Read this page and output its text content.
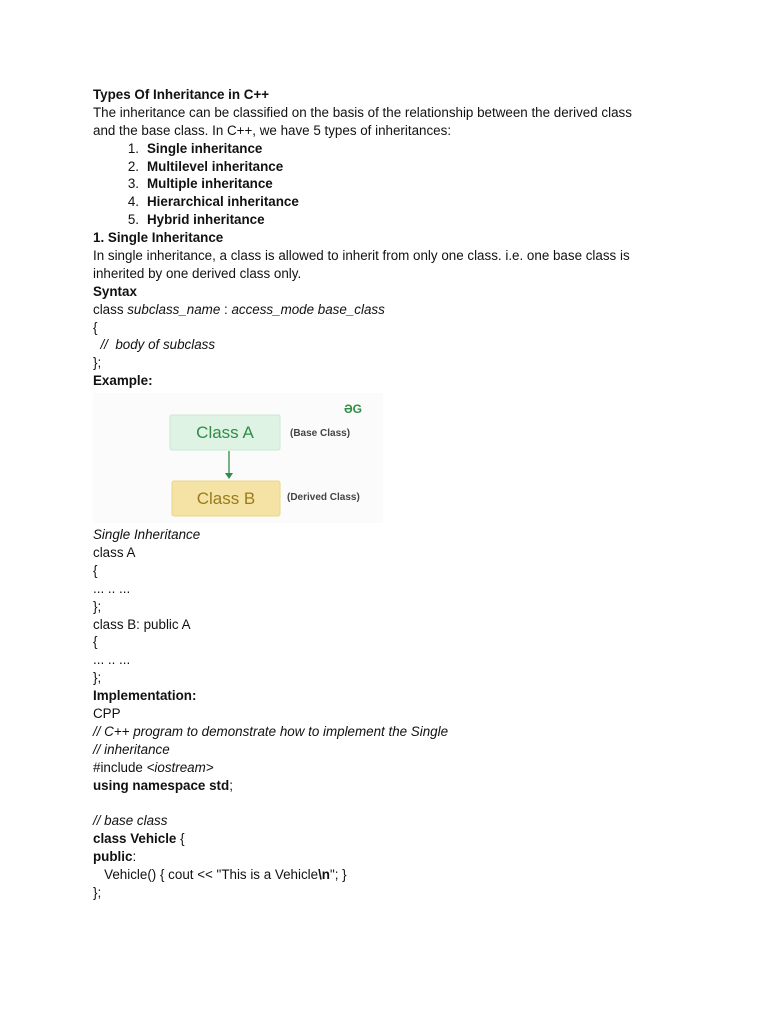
Types Of Inheritance in C++
The inheritance can be classified on the basis of the relationship between the derived class
and the base class. In C++, we have 5 types of inheritances:
1. Single inheritance
2. Multilevel inheritance
3. Multiple inheritance
4. Hierarchical inheritance
5. Hybrid inheritance
1. Single Inheritance
In single inheritance, a class is allowed to inherit from only one class. i.e. one base class is
inherited by one derived class only.
Syntax
class subclass_name : access_mode base_class
{
//  body of subclass
};
Example:
ƏG
Class A	(Base Class)
Class B	(Derived Class)
Single Inheritance
class A
{
... .. ...
};
class B: public A
{
... .. ...
};
Implementation:
CPP
// C++ program to demonstrate how to implement the Single
// inheritance
#include <iostream>
using namespace std;
// base class
class Vehicle {
public:
Vehicle() { cout << "This is a Vehicle\n"; }
};
